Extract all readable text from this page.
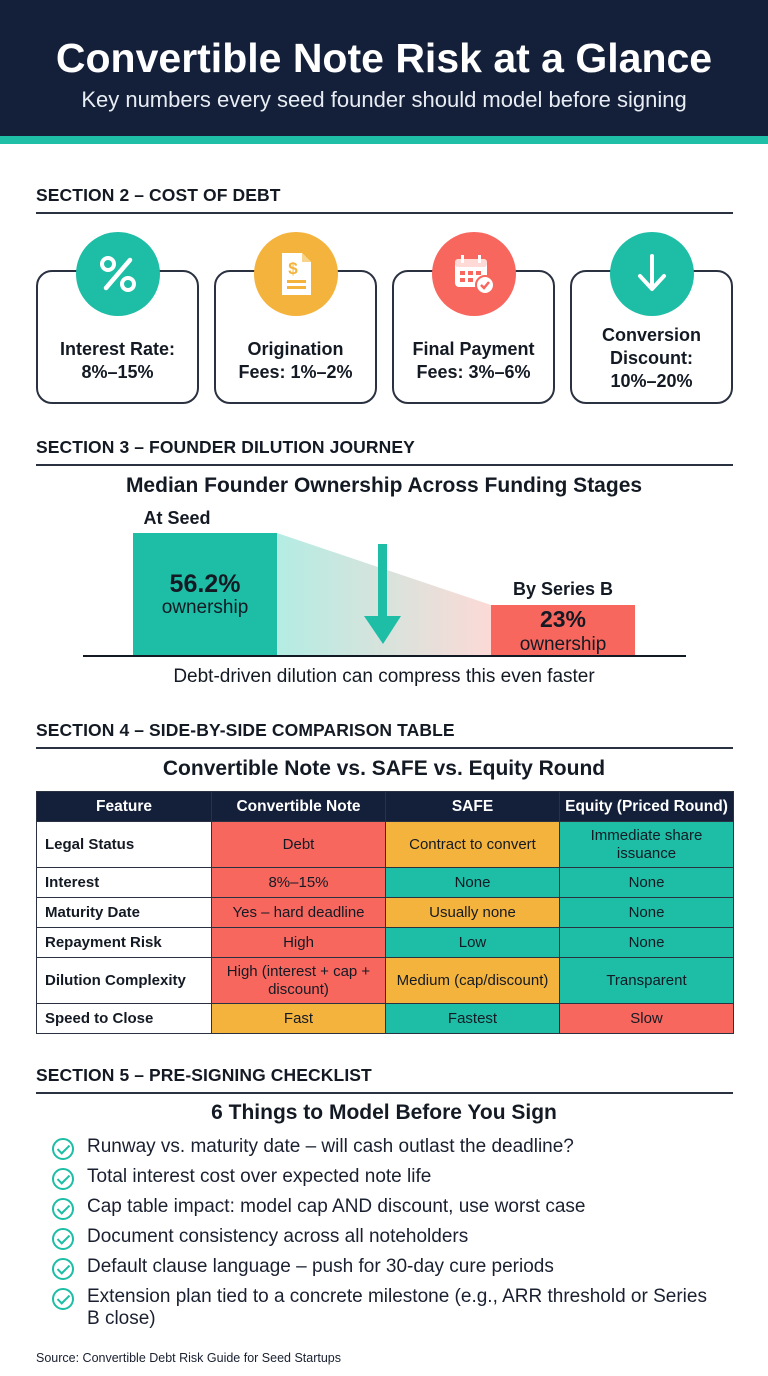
Convertible Note Risk at a Glance
Key numbers every seed founder should model before signing
SECTION 2 – COST OF DEBT
Interest Rate:
8%–15%
Origination
Fees: 1%–2%
$
Final Payment
Fees: 3%–6%
Conversion
Discount:
10%–20%
SECTION 3 – FOUNDER DILUTION JOURNEY
Median Founder Ownership Across Funding Stages
At Seed
56.2%
ownership
By Series B
23%
ownership
Debt-driven dilution can compress this even faster
SECTION 4 – SIDE-BY-SIDE COMPARISON TABLE
Convertible Note vs. SAFE vs. Equity Round
Feature	Convertible Note	SAFE	Equity (Priced Round)
Legal Status	Debt	Contract to convert	Immediate share issuance
Interest	8%–15%	None	None
Maturity Date	Yes – hard deadline	Usually none	None
Repayment Risk	High	Low	None
Dilution Complexity	High (interest + cap + discount)	Medium (cap/discount)	Transparent
Speed to Close	Fast	Fastest	Slow
SECTION 5 – PRE-SIGNING CHECKLIST
6 Things to Model Before You Sign
Runway vs. maturity date – will cash outlast the deadline?
Total interest cost over expected note life
Cap table impact: model cap AND discount, use worst case
Document consistency across all noteholders
Default clause language – push for 30-day cure periods
Extension plan tied to a concrete milestone (e.g., ARR threshold or Series B close)
Source: Convertible Debt Risk Guide for Seed Startups
